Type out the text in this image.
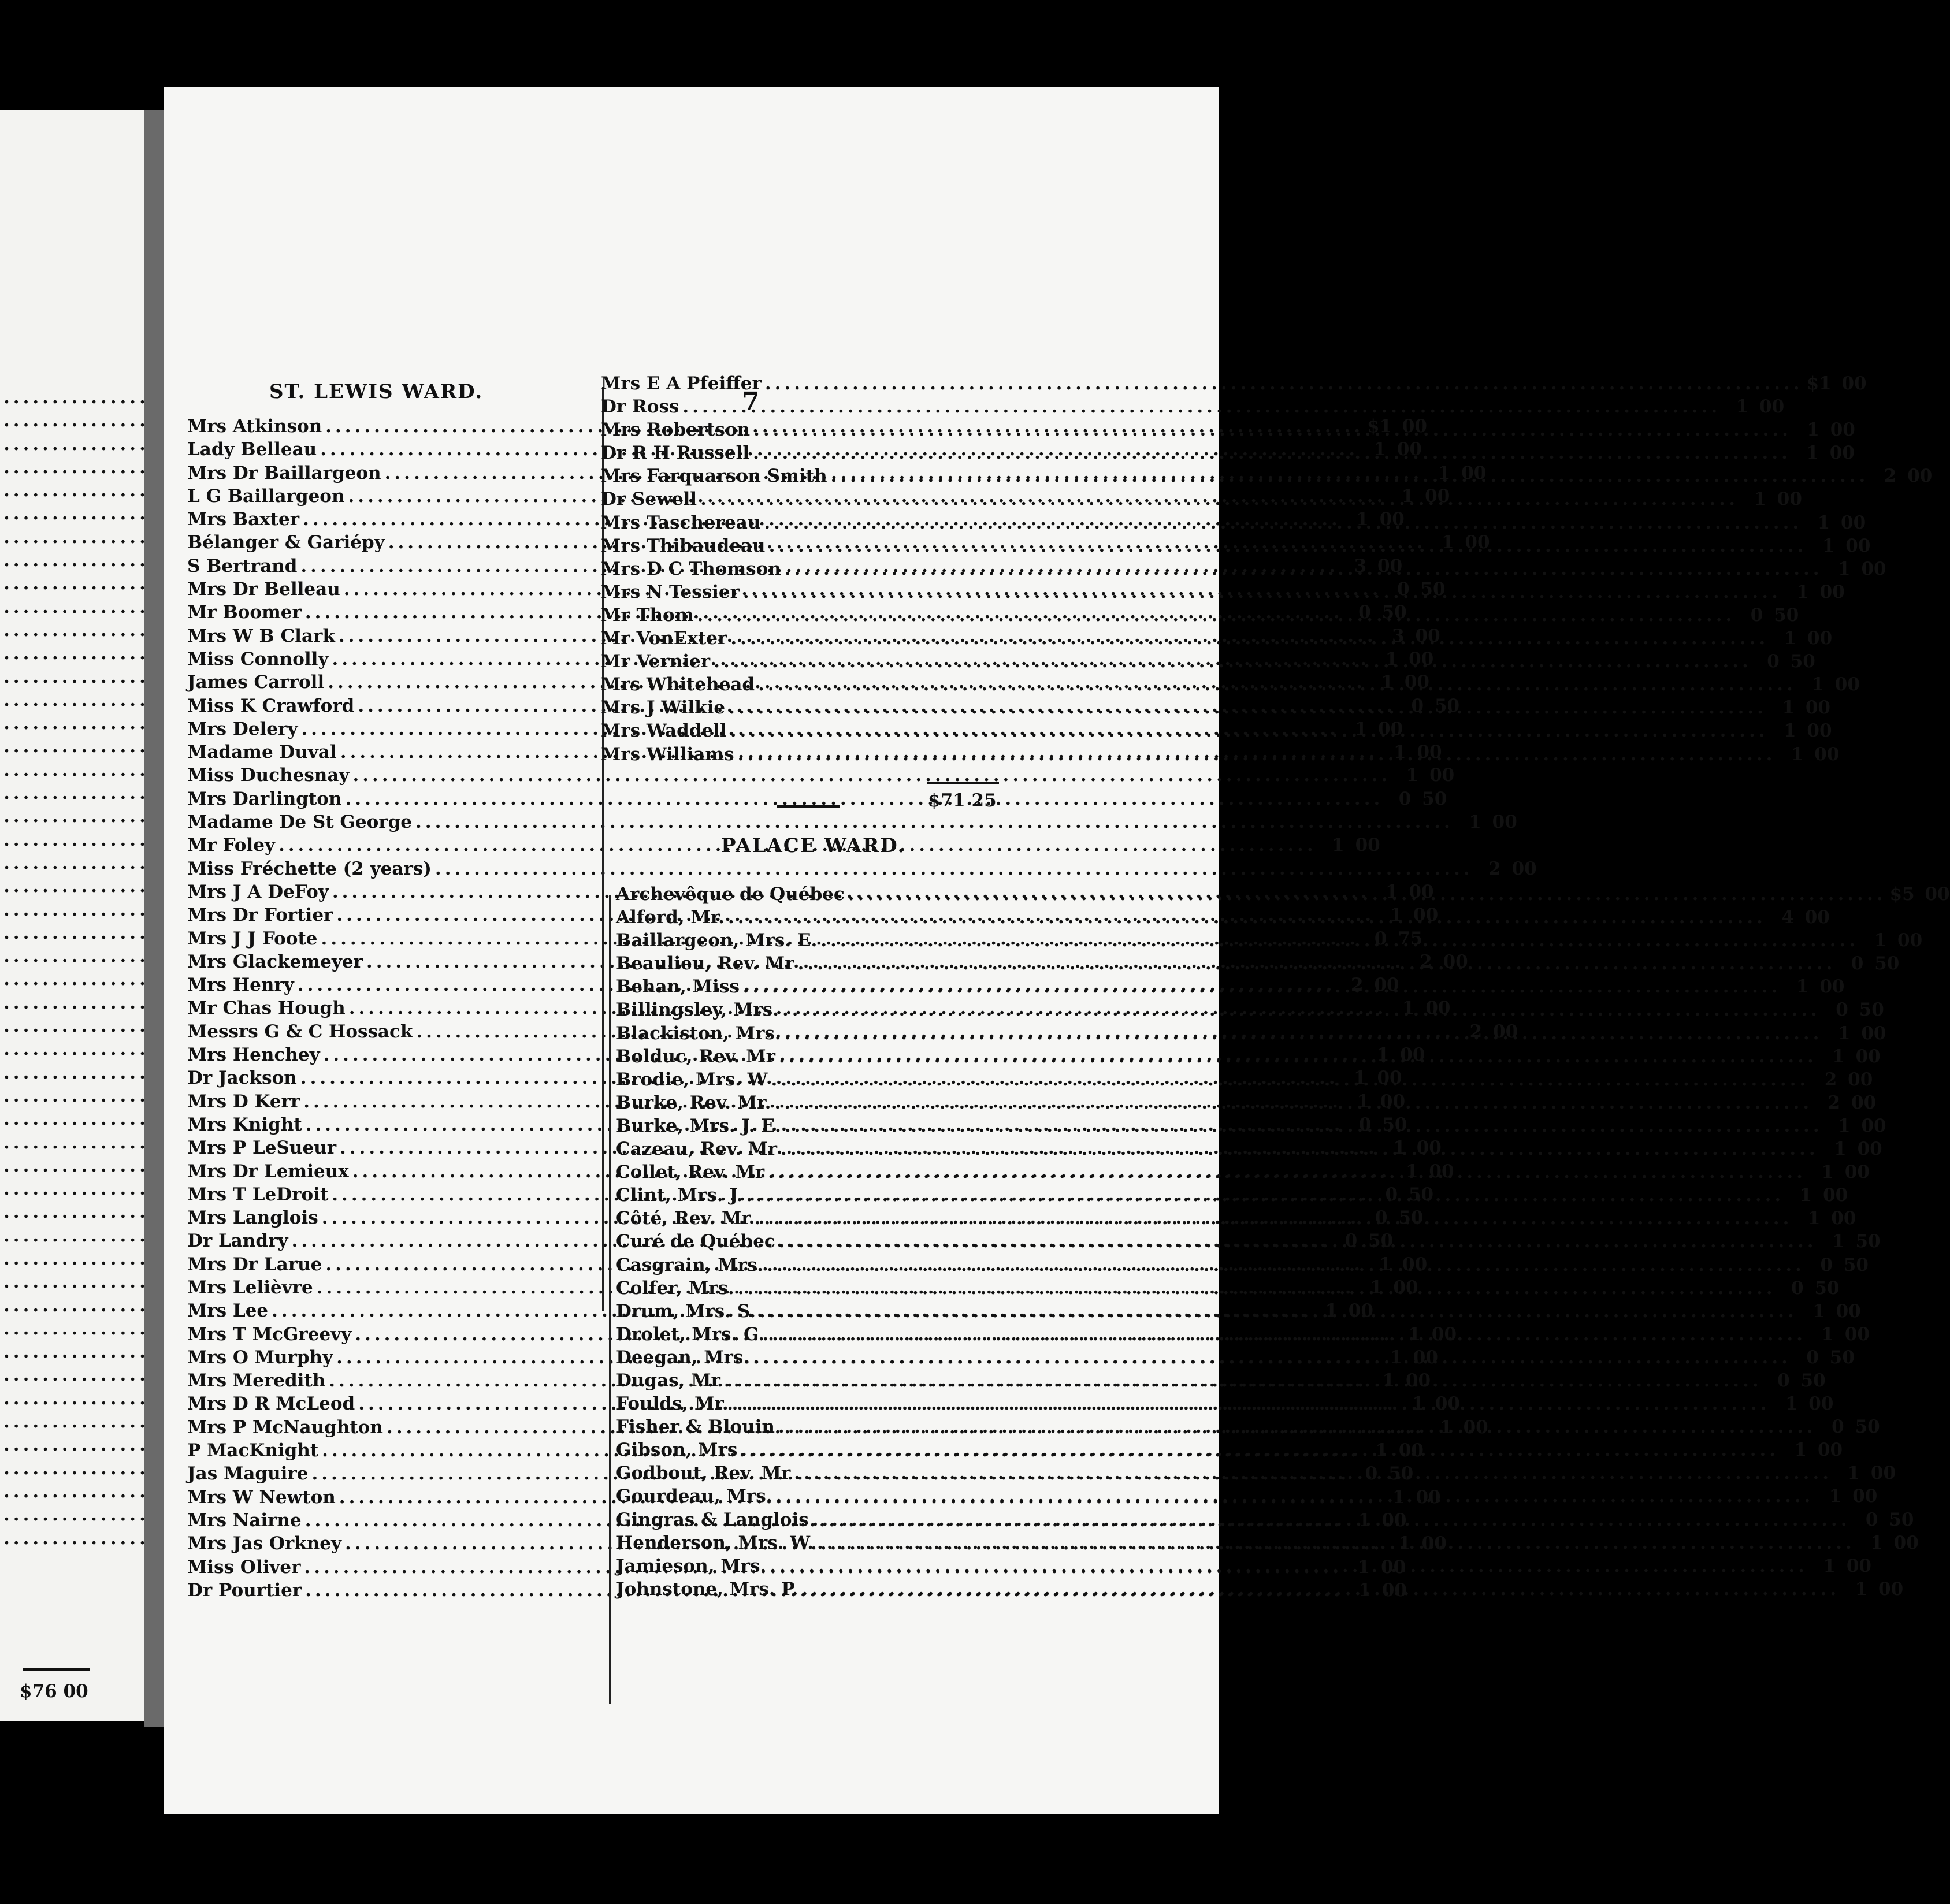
.....
.....
.....
.....
.....
.....
.....
.....
.....
.....
.....
.....
.....
.....
.....
.....
.....
.....
.....
.....
.....
.....
.....
.....
.....
.....
.....
.....
.....
.....
.....
.....
.....
.....
.....
.....
.....
.....
.....
.....
.....
.....
.....
.....
.....
.....
.....
.....
.....
.....
$76 00
7
ST. LEWIS WARD.
Mrs Atkinson .....	$1 00
Lady Belleau .....	1 00
Mrs Dr Baillargeon .....	1 00
L G Baillargeon .....	1 00
Mrs Baxter .....	1 00
Bélanger & Gariépy .....	1 00
S Bertrand .....	3 00
Mrs Dr Belleau .....	0 50
Mr Boomer .....	0 50
Mrs W B Clark .....	3 00
Miss Connolly .....	1 00
James Carroll .....	1 00
Miss K Crawford .....	0 50
Mrs Delery .....	1 00
Madame Duval .....	1 00
Miss Duchesnay .....	1 00
Mrs Darlington .....	0 50
Madame De St George .....	1 00
Mr Foley .....	1 00
Miss Fréchette (2 years) .....	2 00
Mrs J A DeFoy .....	1 00
Mrs Dr Fortier .....	1 00
Mrs J J Foote .....	0 75
Mrs Glackemeyer .....	2 00
Mrs Henry .....	2 00
Mr Chas Hough .....	1 00
Messrs G & C Hossack .....	2 00
Mrs Henchey .....	1 00
Dr Jackson .....	1 00
Mrs D Kerr .....	1 00
Mrs Knight .....	0 50
Mrs P LeSueur .....	1 00
Mrs Dr Lemieux .....	1 00
Mrs T LeDroit .....	0 50
Mrs Langlois .....	0 50
Dr Landry .....	0 50
Mrs Dr Larue .....	1 00
Mrs Lelièvre .....	1 00
Mrs Lee .....	1 00
Mrs T McGreevy .....	1 00
Mrs O Murphy .....	1 00
Mrs Meredith .....	1 00
Mrs D R McLeod .....	1 00
Mrs P McNaughton .....	1 00
P MacKnight .....	1 00
Jas Maguire .....	0 50
Mrs W Newton .....	1 00
Mrs Nairne .....	1 00
Mrs Jas Orkney .....	1 00
Miss Oliver .....	1 00
Dr Pourtier .....	1 00
Mrs E A Pfeiffer .....	$1 00
Dr Ross .....	1 00
Mrs Robertson .....	1 00
Dr R H Russell .....	1 00
Mrs Farquarson Smith .....	2 00
Dr Sewell .....	1 00
Mrs Taschereau .....	1 00
Mrs Thibaudeau .....	1 00
Mrs D C Thomson .....	1 00
Mrs N Tessier .....	1 00
Mr Thom .....	0 50
Mr VonExter .....	1 00
Mr Vernier .....	0 50
Mrs Whitehead .....	1 00
Mrs J Wilkie .....	1 00
Mrs Waddell .....	1 00
Mrs Williams .....	1 00
$71 25
PALACE WARD.
Archevêque de Québec .....	$5 00
Alford, Mr. .....	4 00
Baillargeon, Mrs. E. .....	1 00
Beaulieu, Rev. Mr .....	0 50
Behan, Miss .....	1 00
Billingsley, Mrs. .....	0 50
Blackiston, Mrs. .....	1 00
Bolduc, Rev. Mr .....	1 00
Brodie, Mrs. W .....	2 00
Burke, Rev. Mr. .....	2 00
Burke, Mrs. J. E. .....	1 00
Cazeau, Rev. Mr .....	1 00
Collet, Rev. Mr .....	1 00
Clint, Mrs. J. .....	1 00
Côté, Rev. Mr .....	1 00
Curé de Québec .....	1 50
Casgrain, Mrs. .....	0 50
Colfer, Mrs. .....	0 50
Drum, Mrs. S. .....	1 00
Drolet, Mrs. G. .....	1 00
Deegan, Mrs. .....	0 50
Dugas, Mr .....	0 50
Foulds, Mr. .....	1 00
Fisher & Blouin .....	0 50
Gibson, Mrs .....	1 00
Godbout, Rev. Mr .....	1 00
Gourdeau, Mrs. .....	1 00
Gingras & Langlois .....	0 50
Henderson, Mrs. W. .....	1 00
Jamieson, Mrs. .....	1 00
Johnstone, Mrs. P. .....	1 00
